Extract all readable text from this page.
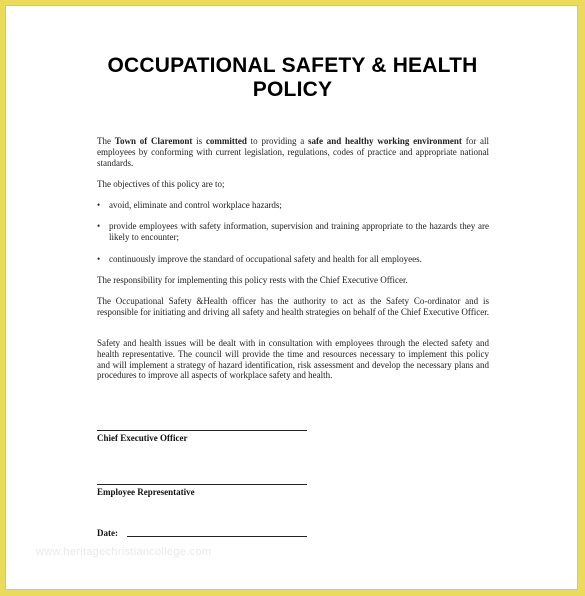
OCCUPATIONAL SAFETY & HEALTH
POLICY
The Town of Claremont is committed to providing a safe and healthy working environment for all employees by conforming with current legislation, regulations, codes of practice and appropriate national standards.
The objectives of this policy are to;
• avoid, eliminate and control workplace hazards;
• provide employees with safety information, supervision and training appropriate to the hazards they are likely to encounter;
• continuously improve the standard of occupational safety and health for all employees.
The responsibility for implementing this policy rests with the Chief Executive Officer.
The Occupational Safety &Health officer has the authority to act as the Safety Co-ordinator and is responsible for initiating and driving all safety and health strategies on behalf of the Chief Executive Officer.
Safety and health issues will be dealt with in consultation with employees through the elected safety and health representative. The council will provide the time and resources necessary to implement this policy and will implement a strategy of hazard identification, risk assessment and develop the necessary plans and procedures to improve all aspects of workplace safety and health.
Chief Executive Officer
Employee Representative
Date:
www.heritagechristiancollege.com
